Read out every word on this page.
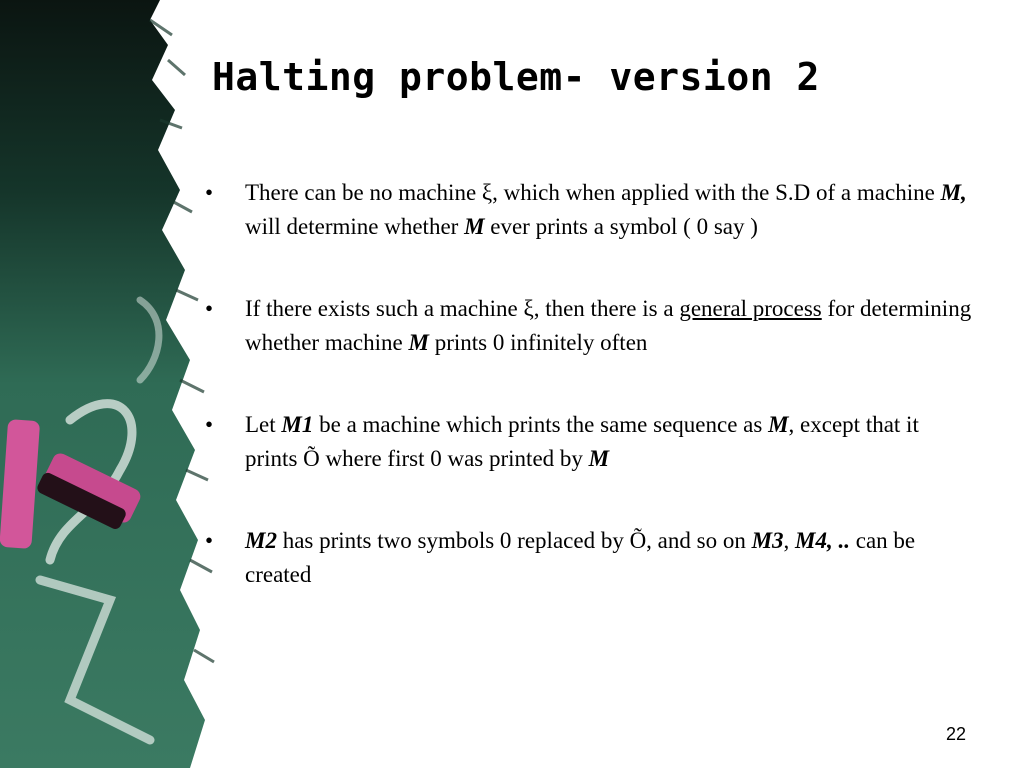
Halting problem- version 2
• There can be no machine ξ, which when applied with the S.D of a machine M, will determine whether M ever prints a symbol ( 0 say )
• If there exists such a machine ξ, then there is a general process for determining whether machine M prints 0 infinitely often
• Let M1 be a machine which prints the same sequence as M, except that it prints Õ where first 0 was printed by M
• M2 has prints two symbols 0 replaced by Õ, and so on M3, M4, .. can be created
22
